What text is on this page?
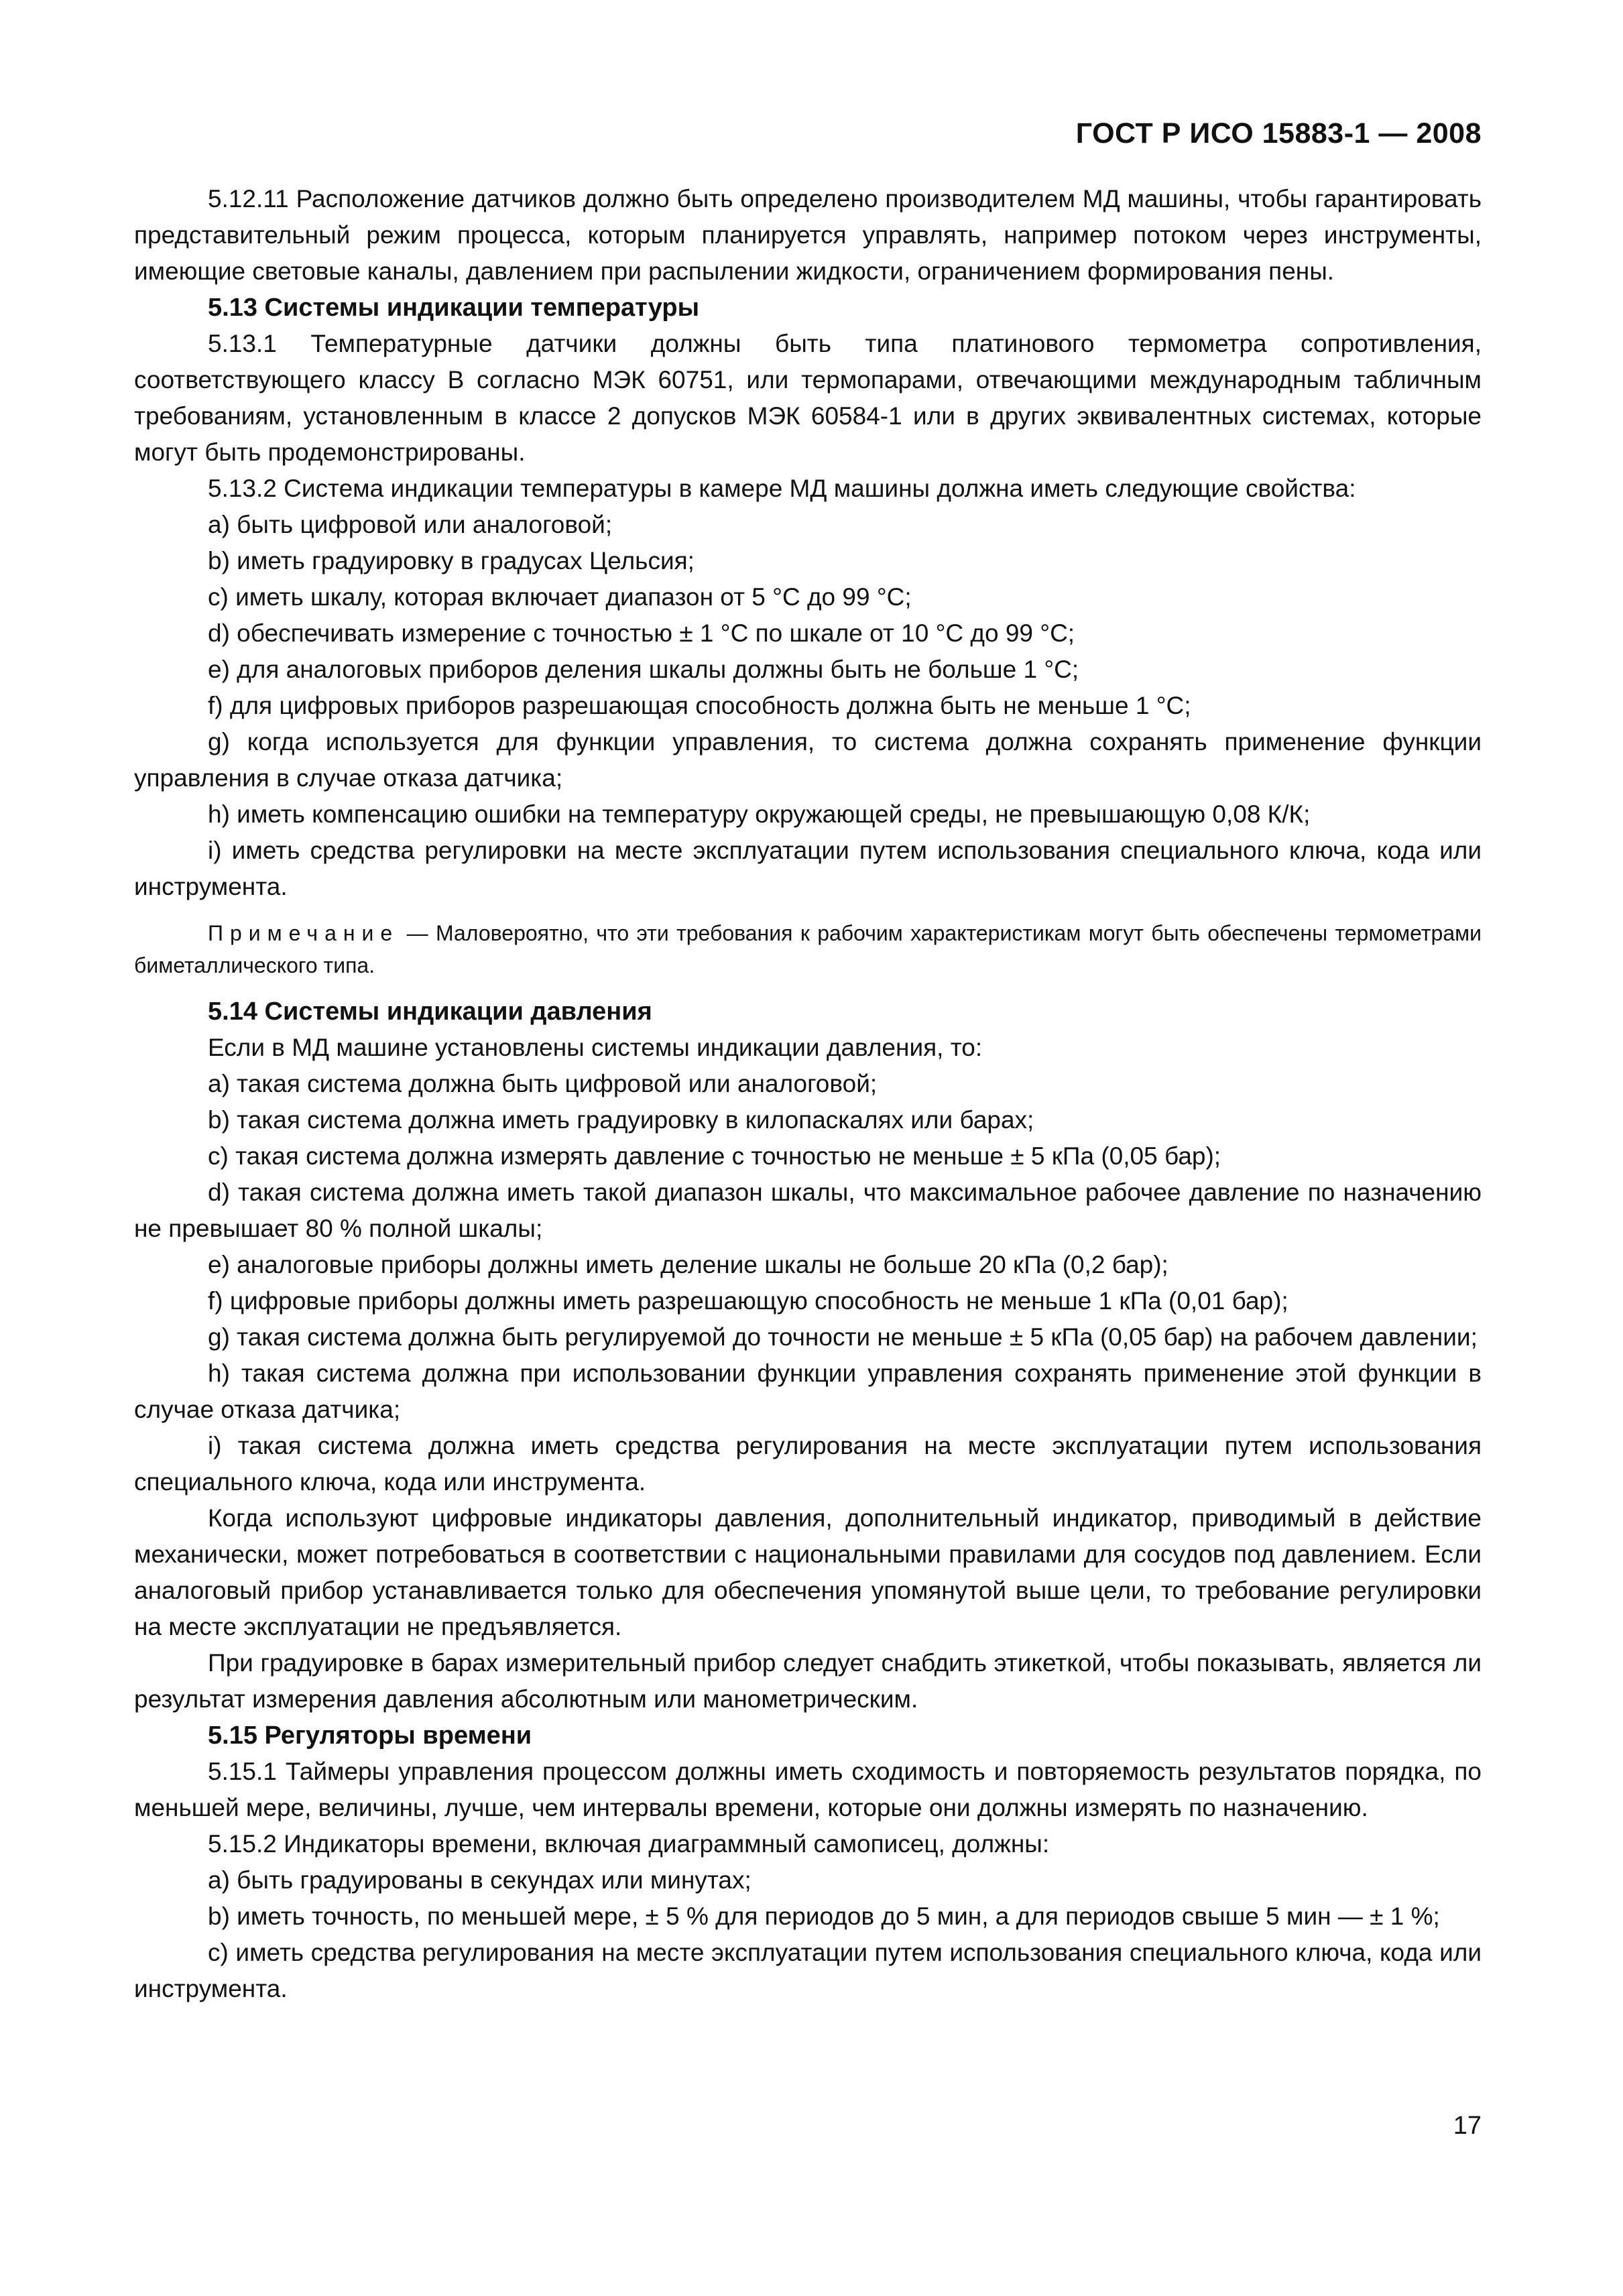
ГОСТ Р ИСО 15883-1 — 2008

5.12.11 Расположение датчиков должно быть определено производителем МД машины, чтобы гарантировать представительный режим процесса, которым планируется управлять, например потоком через инструменты, имеющие световые каналы, давлением при распылении жидкости, ограничением формирования пены.

5.13 Системы индикации температуры

5.13.1 Температурные датчики должны быть типа платинового термометра сопротивления, соответствующего классу В согласно МЭК 60751, или термопарами, отвечающими международным табличным требованиям, установленным в классе 2 допусков МЭК 60584-1 или в других эквивалентных системах, которые могут быть продемонстрированы.

5.13.2 Система индикации температуры в камере МД машины должна иметь следующие свойства:

a) быть цифровой или аналоговой;

b) иметь градуировку в градусах Цельсия;

c) иметь шкалу, которая включает диапазон от 5 °С до 99 °С;

d) обеспечивать измерение с точностью ± 1 °С по шкале от 10 °С до 99 °С;

e) для аналоговых приборов деления шкалы должны быть не больше 1 °С;

f) для цифровых приборов разрешающая способность должна быть не меньше 1 °С;

g) когда используется для функции управления, то система должна сохранять применение функции управления в случае отказа датчика;

h) иметь компенсацию ошибки на температуру окружающей среды, не превышающую 0,08 К/К;

i) иметь средства регулировки на месте эксплуатации путем использования специального ключа, кода или инструмента.

Примечание — Маловероятно, что эти требования к рабочим характеристикам могут быть обеспечены термометрами биметаллического типа.

5.14 Системы индикации давления

Если в МД машине установлены системы индикации давления, то:

a) такая система должна быть цифровой или аналоговой;

b) такая система должна иметь градуировку в килопаскалях или барах;

c) такая система должна измерять давление с точностью не меньше ± 5 кПа (0,05 бар);

d) такая система должна иметь такой диапазон шкалы, что максимальное рабочее давление по назначению не превышает 80 % полной шкалы;

e) аналоговые приборы должны иметь деление шкалы не больше 20 кПа (0,2 бар);

f) цифровые приборы должны иметь разрешающую способность не меньше 1 кПа (0,01 бар);

g) такая система должна быть регулируемой до точности не меньше ± 5 кПа (0,05 бар) на рабочем давлении;

h) такая система должна при использовании функции управления сохранять применение этой функции в случае отказа датчика;

i) такая система должна иметь средства регулирования на месте эксплуатации путем использования специального ключа, кода или инструмента.

Когда используют цифровые индикаторы давления, дополнительный индикатор, приводимый в действие механически, может потребоваться в соответствии с национальными правилами для сосудов под давлением. Если аналоговый прибор устанавливается только для обеспечения упомянутой выше цели, то требование регулировки на месте эксплуатации не предъявляется.

При градуировке в барах измерительный прибор следует снабдить этикеткой, чтобы показывать, является ли результат измерения давления абсолютным или манометрическим.

5.15 Регуляторы времени

5.15.1 Таймеры управления процессом должны иметь сходимость и повторяемость результатов порядка, по меньшей мере, величины, лучше, чем интервалы времени, которые они должны измерять по назначению.

5.15.2 Индикаторы времени, включая диаграммный самописец, должны:

a) быть градуированы в секундах или минутах;

b) иметь точность, по меньшей мере, ± 5 % для периодов до 5 мин, а для периодов свыше 5 мин — ± 1 %;

c) иметь средства регулирования на месте эксплуатации путем использования специального ключа, кода или инструмента.

17
